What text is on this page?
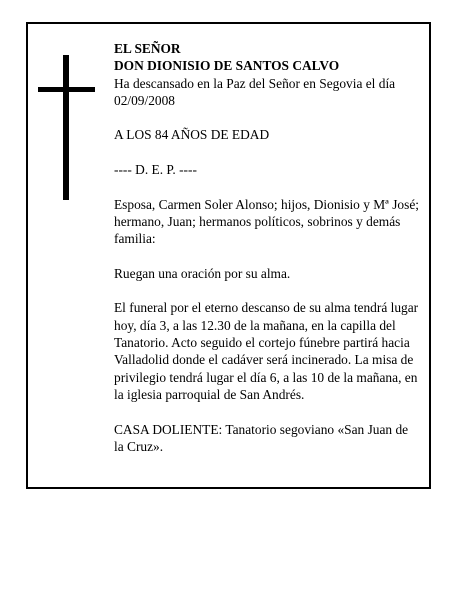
EL SEÑOR

DON DIONISIO DE SANTOS CALVO

Ha descansado en la Paz del Señor en Segovia el día 02/09/2008

A LOS 84 AÑOS DE EDAD

---- D. E. P. ----

Esposa, Carmen Soler Alonso; hijos, Dionisio y Mª José; hermano, Juan; hermanos políticos, sobrinos y demás familia:

Ruegan una oración por su alma.

El funeral por el eterno descanso de su alma tendrá lugar hoy, día 3, a las 12.30 de la mañana, en la capilla del Tanatorio. Acto seguido el cortejo fúnebre partirá hacia Valladolid donde el cadáver será incinerado. La misa de privilegio tendrá lugar el día 6, a las 10 de la mañana, en la iglesia parroquial de San Andrés.

CASA DOLIENTE: Tanatorio segoviano «San Juan de la Cruz».
